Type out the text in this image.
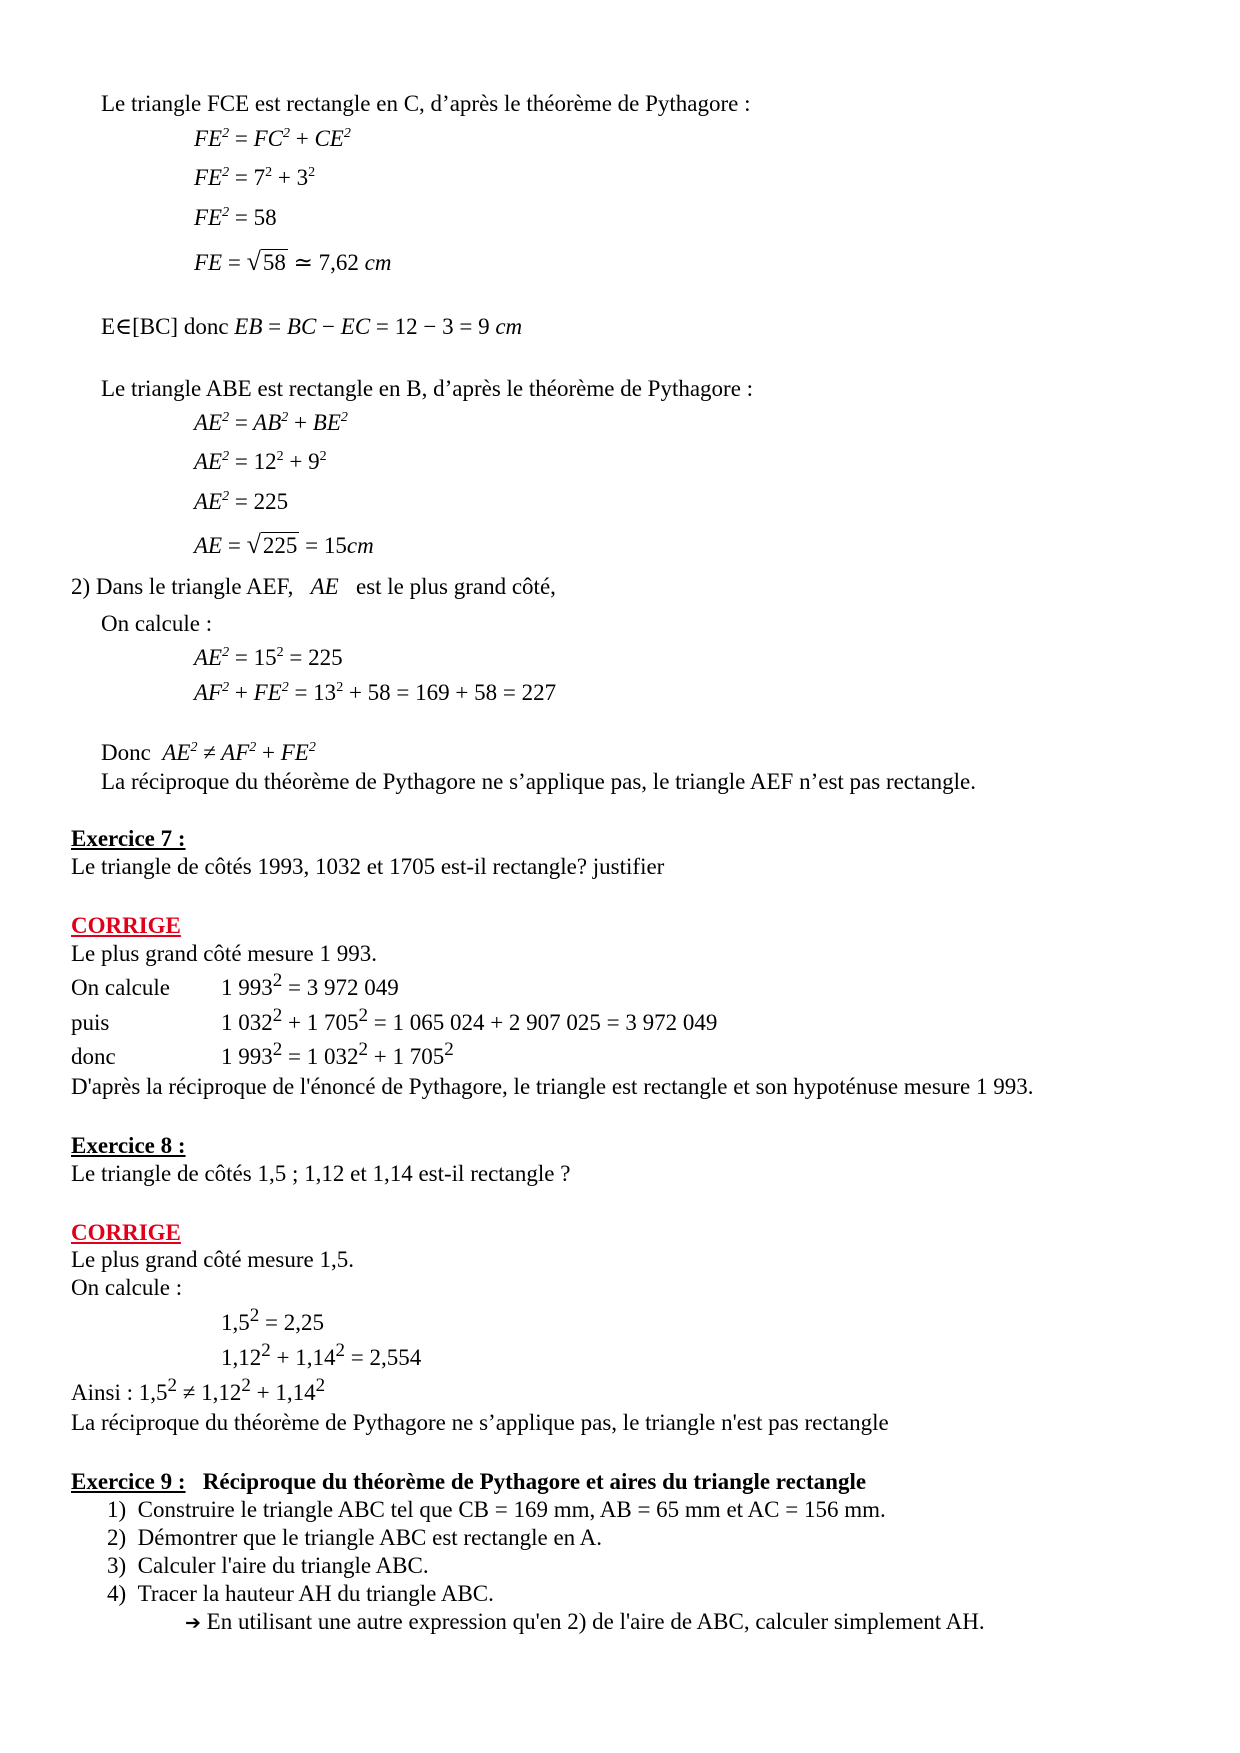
Le triangle FCE est rectangle en C, d’après le théorème de Pythagore :
$FE^2 = FC^2 + CE^2$
$FE^2 = 7^2 + 3^2$
$FE^2 = 58$
FE = √58 ≃ 7,62 cm
E∈[BC] donc EB = BC − EC = 12 − 3 = 9 cm
Le triangle ABE est rectangle en B, d’après le théorème de Pythagore :
$AE^2 = AB^2 + BE^2$
$AE^2 = 12^2 + 9^2$
$AE^2 = 225$
AE = √225 = 15cm
2) Dans le triangle AEF, AE est le plus grand côté,
On calcule :
$AE^2 = 15^2 = 225$
$AF^2 + FE^2 = 13^2 + 58 = 169 + 58 = 227$
Donc $AE^2 \ne AF^2 + FE^2$
La réciproque du théorème de Pythagore ne s’applique pas, le triangle AEF n’est pas rectangle.
Exercice 7 :
Le triangle de côtés 1993, 1032 et 1705 est-il rectangle? justifier
CORRIGE
Le plus grand côté mesure 1 993.
On calcule 1 $993^2 = 3$ 972 049
puis	1 $032^2 + 1$ $705^2 = 1$ 065 024 + 2 907 025 = 3 972 049
donc	1 $993^2 = 1$ $032^2 + 1$ $705^2$
D'après la réciproque de l'énoncé de Pythagore, le triangle est rectangle et son hypoténuse mesure 1 993.
Exercice 8 :
Le triangle de côtés 1,5 ; 1,12 et 1,14 est-il rectangle ?
CORRIGE
Le plus grand côté mesure 1,5.
On calcule :
$1,5^2 = 2,25$
$1,12^2 + 1,14^2 = 2,554$
Ainsi : $1,5^2 \ne 1,12^2 + 1,14^2$
La réciproque du théorème de Pythagore ne s’applique pas, le triangle n'est pas rectangle
Exercice 9 : Réciproque du théorème de Pythagore et aires du triangle rectangle
1) Construire le triangle ABC tel que CB = 169 mm, AB = 65 mm et AC = 156 mm.
2) Démontrer que le triangle ABC est rectangle en A.
3) Calculer l'aire du triangle ABC.
4) Tracer la hauteur AH du triangle ABC.
➔ En utilisant une autre expression qu'en 2) de l'aire de ABC, calculer simplement AH.
